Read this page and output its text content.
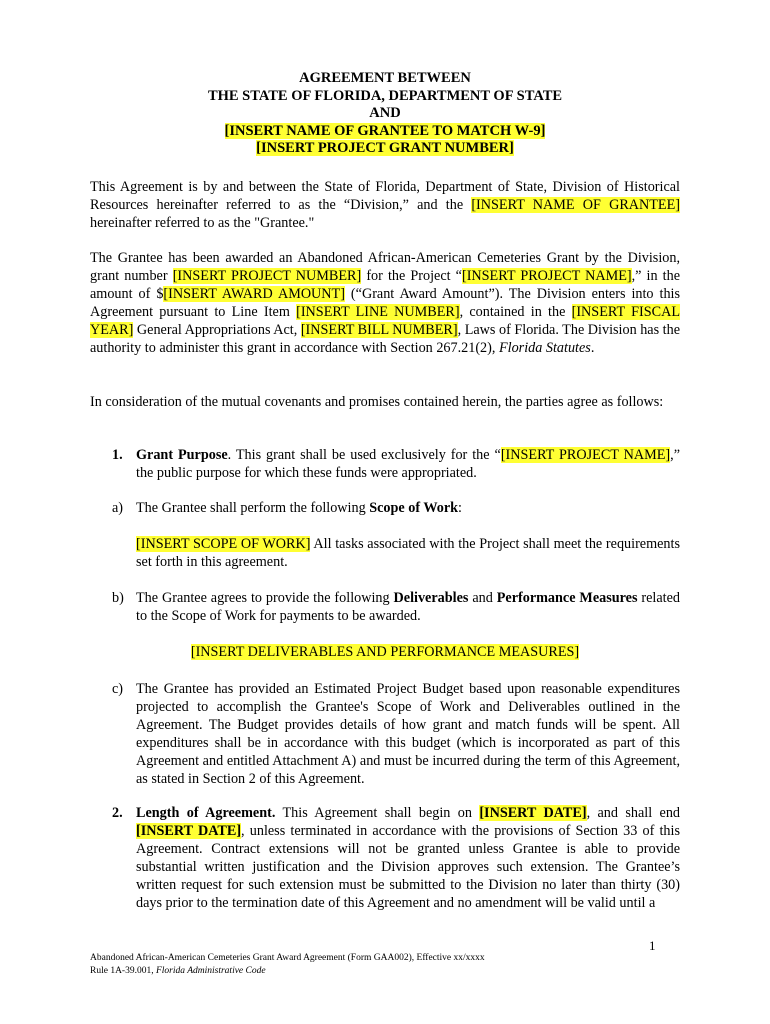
AGREEMENT BETWEEN
THE STATE OF FLORIDA, DEPARTMENT OF STATE
AND
[INSERT NAME OF GRANTEE TO MATCH W-9]
[INSERT PROJECT GRANT NUMBER]
This Agreement is by and between the State of Florida, Department of State, Division of Historical Resources hereinafter referred to as the “Division,” and the [INSERT NAME OF GRANTEE] hereinafter referred to as the "Grantee."
The Grantee has been awarded an Abandoned African-American Cemeteries Grant by the Division, grant number [INSERT PROJECT NUMBER] for the Project “[INSERT PROJECT NAME],” in the amount of $[INSERT AWARD AMOUNT] (“Grant Award Amount”). The Division enters into this Agreement pursuant to Line Item [INSERT LINE NUMBER], contained in the [INSERT FISCAL YEAR] General Appropriations Act, [INSERT BILL NUMBER], Laws of Florida. The Division has the authority to administer this grant in accordance with Section 267.21(2), Florida Statutes.
In consideration of the mutual covenants and promises contained herein, the parties agree as follows:
1. Grant Purpose. This grant shall be used exclusively for the “[INSERT PROJECT NAME],” the public purpose for which these funds were appropriated.
a) The Grantee shall perform the following Scope of Work:
[INSERT SCOPE OF WORK] All tasks associated with the Project shall meet the requirements set forth in this agreement.
b) The Grantee agrees to provide the following Deliverables and Performance Measures related to the Scope of Work for payments to be awarded.
[INSERT DELIVERABLES AND PERFORMANCE MEASURES]
c) The Grantee has provided an Estimated Project Budget based upon reasonable expenditures projected to accomplish the Grantee's Scope of Work and Deliverables outlined in the Agreement. The Budget provides details of how grant and match funds will be spent. All expenditures shall be in accordance with this budget (which is incorporated as part of this Agreement and entitled Attachment A) and must be incurred during the term of this Agreement, as stated in Section 2 of this Agreement.
2. Length of Agreement. This Agreement shall begin on [INSERT DATE], and shall end [INSERT DATE], unless terminated in accordance with the provisions of Section 33 of this Agreement. Contract extensions will not be granted unless Grantee is able to provide substantial written justification and the Division approves such extension. The Grantee’s written request for such extension must be submitted to the Division no later than thirty (30) days prior to the termination date of this Agreement and no amendment will be valid until a
1
Abandoned African-American Cemeteries Grant Award Agreement (Form GAA002), Effective xx/xxxx
Rule 1A-39.001, Florida Administrative Code
